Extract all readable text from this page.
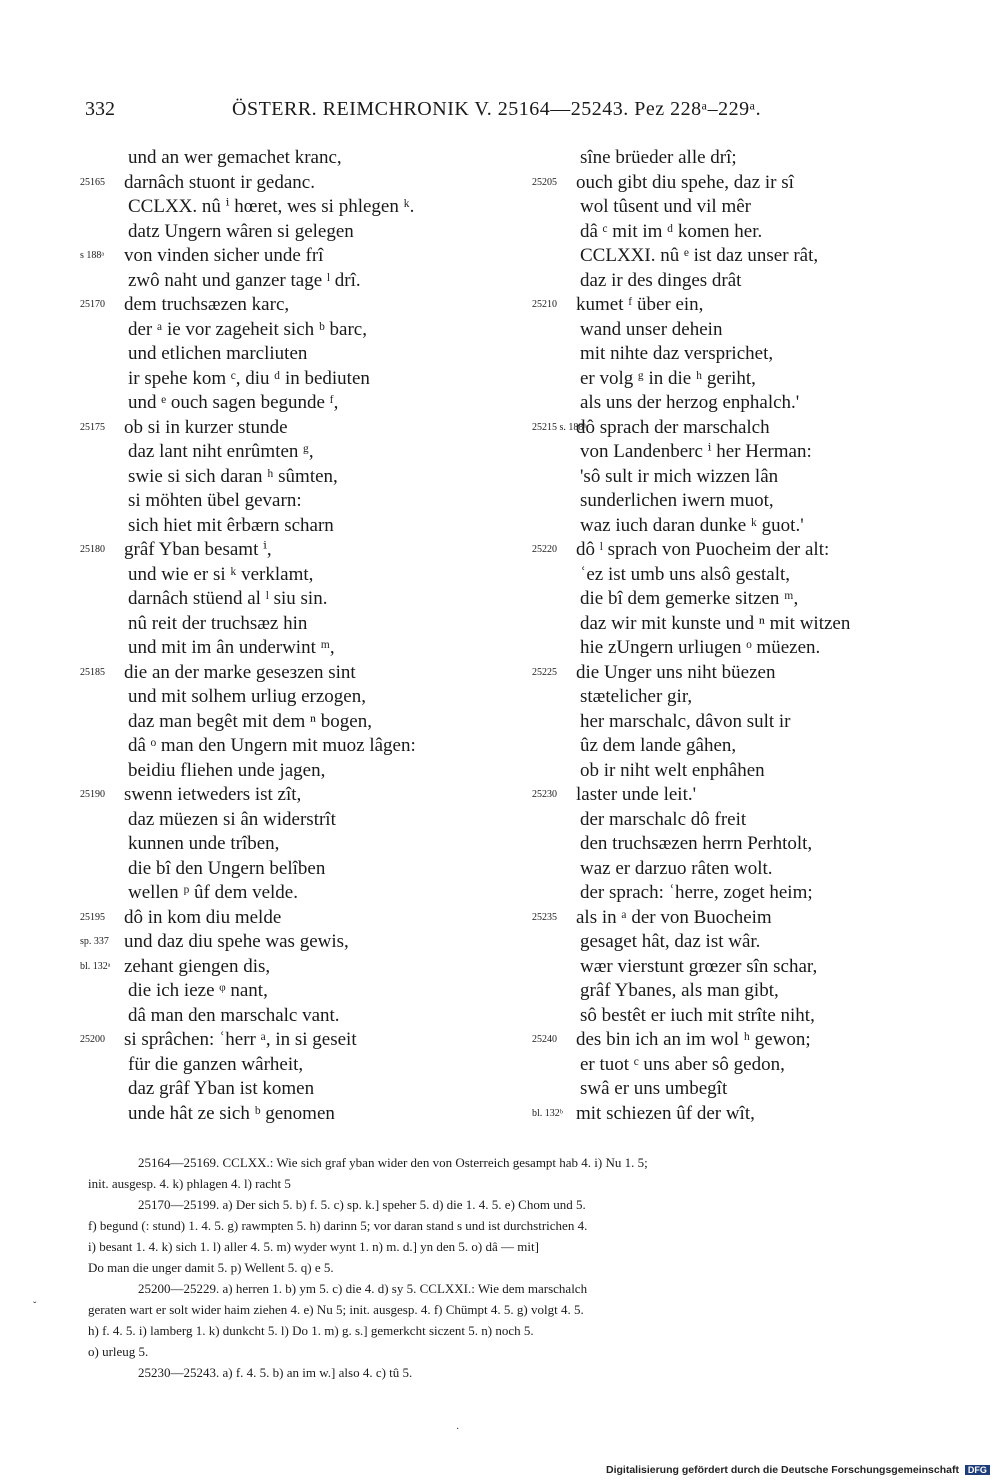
332	ÖSTERR. REIMCHRONIK V. 25164—25243. Pez 228ᵃ–229ᵃ.
und an wer gemachet kranc,
25165	darnâch stuont ir gedanc.
CCLXX. nû ⁱ hœret, wes si phlegen ᵏ.
datz Ungern wâren si gelegen
s 188ᵃ	von vinden sicher unde frî
zwô naht und ganzer tage ˡ drî.
25170	dem truchsæzen karc,
der ᵃ ie vor zageheit sich ᵇ barc,
und etlichen marcliuten
ir spehe kom ᶜ, diu ᵈ in bediuten
und ᵉ ouch sagen begunde ᶠ,
25175	ob si in kurzer stunde
daz lant niht enrûmten ᵍ,
swie si sich daran ʰ sûmten,
si möhten übel gevarn:
sich hiet mit êrbærn scharn
25180	grâf Yban besamt ⁱ,
und wie er si ᵏ verklamt,
darnâch stüend al ˡ siu sin.
nû reit der truchsæz hin
und mit im ân underwint ᵐ,
25185	die an der marke geseзzen sint
und mit solhem urliug erzogen,
daz man begêt mit dem ⁿ bogen,
dâ ᵒ man den Ungern mit muoz lâgen:
beidiu fliehen unde jagen,
25190	swenn ietweders ist zît,
daz müezen si ân widerstrît
kunnen unde trîben,
die bî den Ungern belîben
wellen ᵖ ûf dem velde.
25195	dô in kom diu melde
sp. 337 und daz diu spehe was gewis,
bl. 132ᵃ zehant giengen dis,
die ich ieze ᵠ nant,
dâ man den marschalc vant.
25200	si sprâchen: ʿherr ᵃ, in si geseit
für die ganzen wârheit,
daz grâf Yban ist komen
unde hât ze sich ᵇ genomen
sîne brüeder alle drî;
25205	ouch gibt diu spehe, daz ir sî
wol tûsent und vil mêr
dâ ᶜ mit im ᵈ komen her.
CCLXXI. nû ᵉ ist daz unser rât,
daz ir des dinges drât
25210	kumet ᶠ über ein,
wand unser dehein
mit nihte daz versprichet,
er volg ᵍ in die ʰ geriht,
als uns der herzog enphalch.'
25215 s. 188ᵇ
dô sprach der marschalch
von Landenberc ⁱ her Herman:
'sô sult ir mich wizzen lân
sunderlichen iwern muot,
waz iuch daran dunke ᵏ guot.'
25220	dô ˡ sprach von Puocheim der alt:
ʿez ist umb uns alsô gestalt,
die bî dem gemerke sitzen ᵐ,
daz wir mit kunste und ⁿ mit witzen
hie zUngern urliugen ᵒ müezen.
25225	die Unger uns niht büezen
stætelicher gir,
her marschalc, dâvon sult ir
ûz dem lande gâhen,
ob ir niht welt enphâhen
25230	laster unde leit.'
der marschalc dô freit
den truchsæzen herrn Perhtolt,
waz er darzuo râten wolt.
der sprach: ʿherre, zoget heim;
25235	als in ᵃ der von Buocheim
gesaget hât, daz ist wâr.
wær vierstunt grœzer sîn schar,
grâf Ybanes, als man gibt,
sô bestêt er iuch mit strîte niht,
25240	des bin ich an im wol ʰ gewon;
er tuot ᶜ uns aber sô gedon,
swâ er uns umbegît
bl. 132ᵇ mit schiezen ûf der wît,
25164—25169. CCLXX.: Wie sich graf yban wider den von Osterreich gesampt hab 4. i) Nu 1. 5;
init. ausgesp. 4. k) phlagen 4. l) racht 5
25170—25199. a) Der sich 5. b) f. 5. c) sp. k.] speher 5. d) die 1. 4. 5. e) Chom und 5.
f) begund (: stund) 1. 4. 5. g) rawmpten 5. h) darinn 5; vor daran stand s und ist durchstrichen 4.
i) besant 1. 4. k) sich 1. l) aller 4. 5. m) wyder wynt 1. n) m. d.] yn den 5. o) dâ — mit]
Do man die unger damit 5. p) Wellent 5. q) e 5.
25200—25229. a) herren 1. b) ym 5. c) die 4. d) sy 5. CCLXXI.: Wie dem marschalch
geraten wart er solt wider haim ziehen 4. e) Nu 5; init. ausgesp. 4. f) Chümpt 4. 5. g) volgt 4. 5.
h) f. 4. 5. i) lamberg 1. k) dunkcht 5. l) Do 1. m) g. s.] gemerkcht siczent 5. n) noch 5.
o) urleug 5.
25230—25243. a) f. 4. 5. b) an im w.] also 4. c) tû 5.
ˇ
·
Digitalisierung gefördert durch die Deutsche Forschungsgemeinschaft DFG
